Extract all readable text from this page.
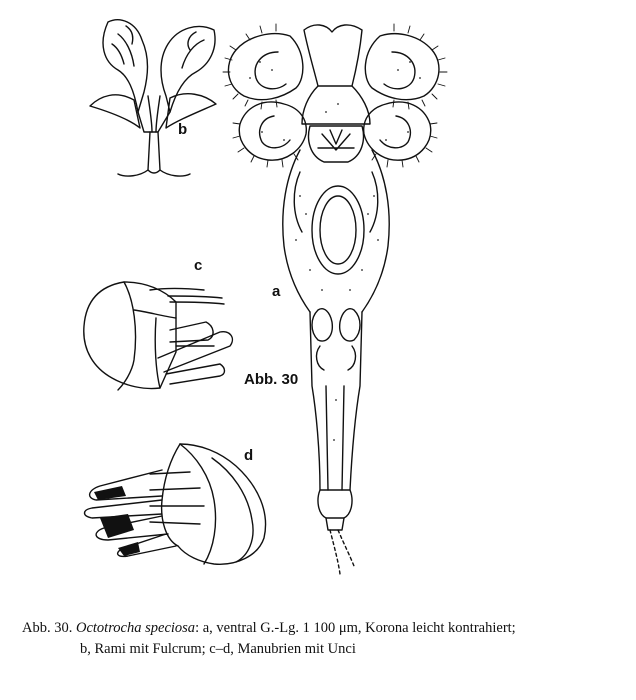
b
c
a
Abb. 30
d
Abb. 30. Octotrocha speciosa: a, ventral G.-Lg. 1 100 μm, Korona leicht kontrahiert;
b, Rami mit Fulcrum; c–d, Manubrien mit Unci
